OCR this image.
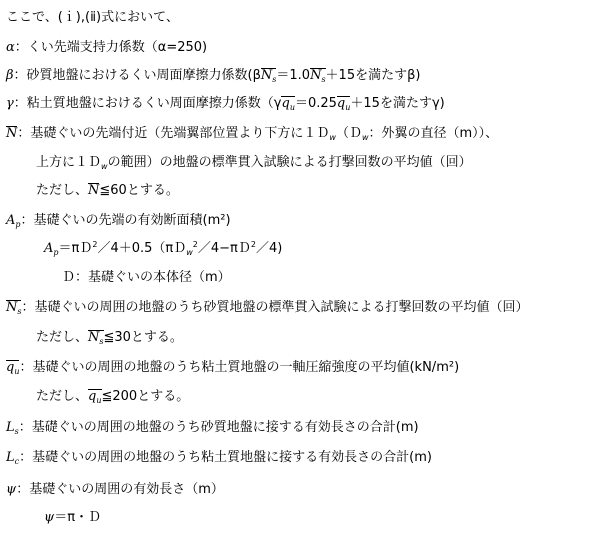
ここで、(ｉ),(ⅱ)式において、
α：くい先端支持力係数（α=250)
β：砂質地盤におけるくい周面摩擦力係数($\beta N_s=1.0N_s+15$を満たすβ)
γ：粘土質地盤におけるくい周面摩擦力係数（$\gamma q_u=0.25q_u+15$を満たすγ)
N：基礎ぐいの先端付近（先端翼部位置より下方に１Ｄ$_w$（Ｄ$_w$：外翼の直径（m））、
上方に１Ｄ$_w$の範囲）の地盤の標準貫入試験による打撃回数の平均値（回）
ただし、N≦60とする。
$A_p$：基礎ぐいの先端の有効断面積(m²)
$A_p=\pi D^2/4+0.5(\pi D_w^2/4-\pi D^2/4)$
Ｄ：基礎ぐいの本体径（m）
$N_s$：基礎ぐいの周囲の地盤のうち砂質地盤の標準貫入試験による打撃回数の平均値（回）
ただし、$N_s≦30$とする。
$q_u$：基礎ぐいの周囲の地盤のうち粘土質地盤の一軸圧縮強度の平均値(kN/m²)
ただし、$q_u≦200$とする。
$L_s$：基礎ぐいの周囲の地盤のうち砂質地盤に接する有効長さの合計(m)
$L_c$：基礎ぐいの周囲の地盤のうち粘土質地盤に接する有効長さの合計(m)
ψ：基礎ぐいの周囲の有効長さ（m）
ψ＝π・Ｄ
